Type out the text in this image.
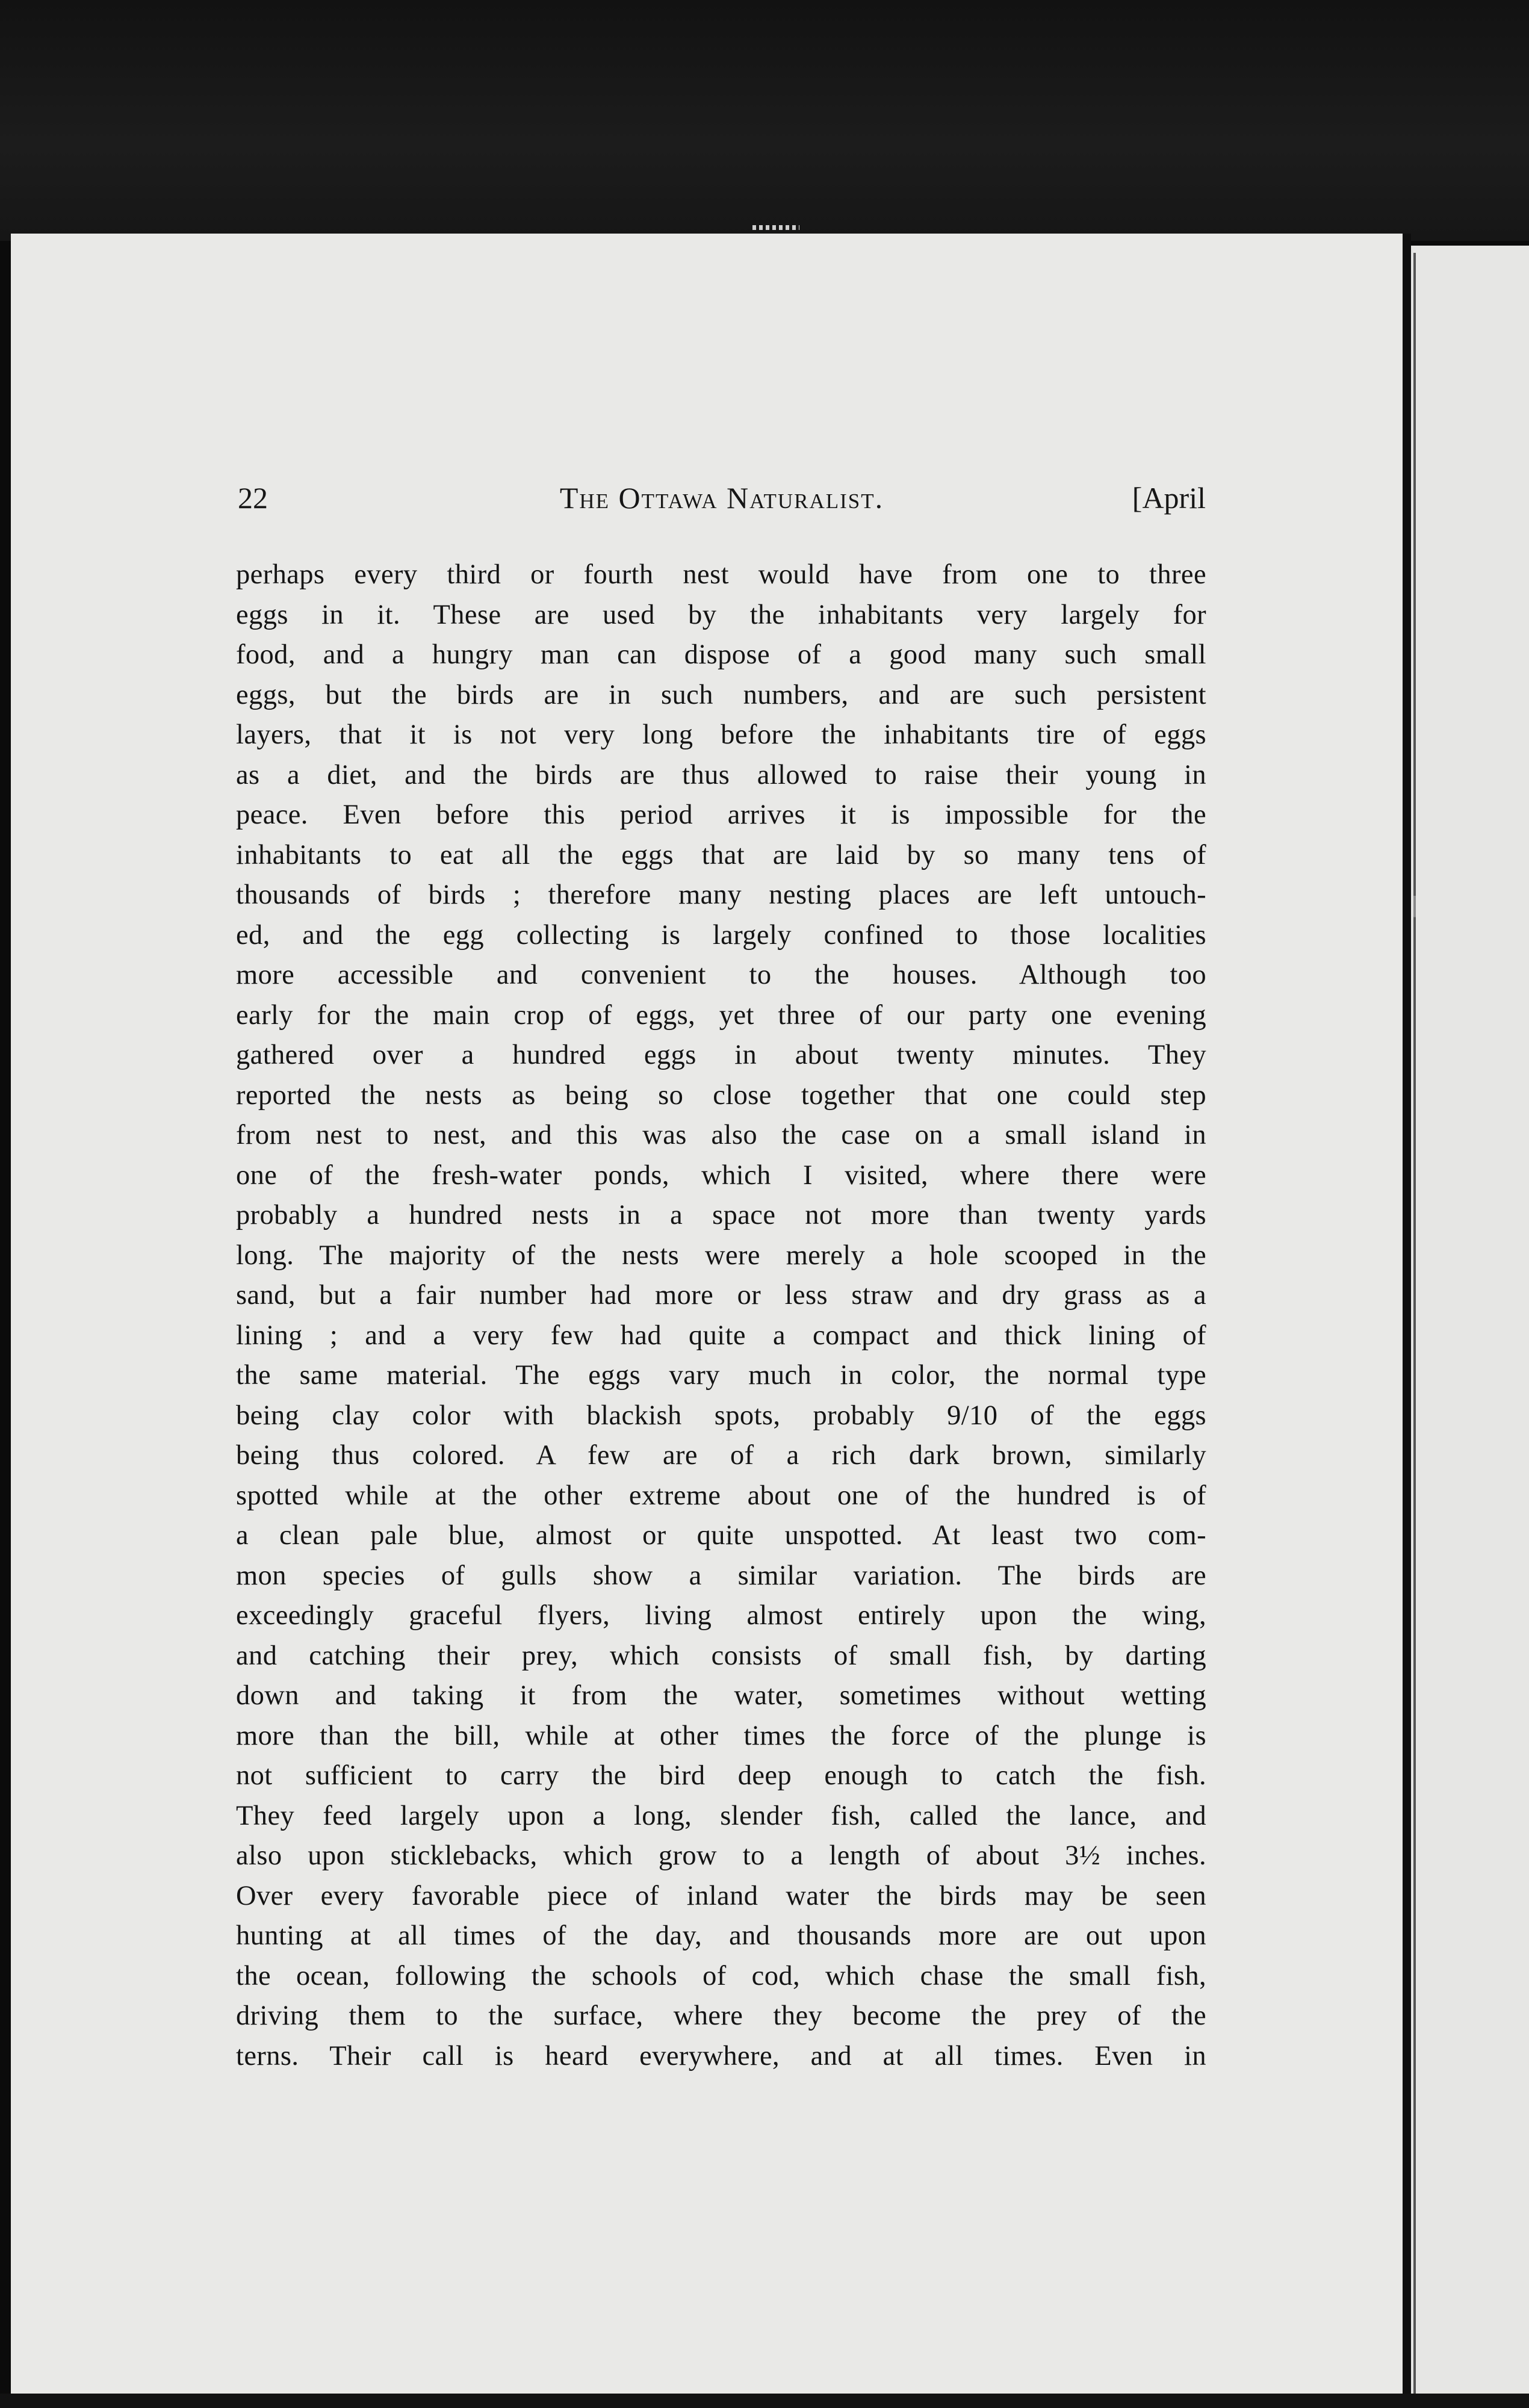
22	The Ottawa Naturalist.	[April
perhaps every third or fourth nest would have from one to three
eggs in it. These are used by the inhabitants very largely for
food, and a hungry man can dispose of a good many such small
eggs, but the birds are in such numbers, and are such persistent
layers, that it is not very long before the inhabitants tire of eggs
as a diet, and the birds are thus allowed to raise their young in
peace. Even before this period arrives it is impossible for the
inhabitants to eat all the eggs that are laid by so many tens of
thousands of birds ; therefore many nesting places are left untouch-
ed, and the egg collecting is largely confined to those localities
more accessible and convenient to the houses. Although too
early for the main crop of eggs, yet three of our party one evening
gathered over a hundred eggs in about twenty minutes. They
reported the nests as being so close together that one could step
from nest to nest, and this was also the case on a small island in
one of the fresh-water ponds, which I visited, where there were
probably a hundred nests in a space not more than twenty yards
long. The majority of the nests were merely a hole scooped in the
sand, but a fair number had more or less straw and dry grass as a
lining ; and a very few had quite a compact and thick lining of
the same material. The eggs vary much in color, the normal type
being clay color with blackish spots, probably 9/10 of the eggs
being thus colored. A few are of a rich dark brown, similarly
spotted while at the other extreme about one of the hundred is of
a clean pale blue, almost or quite unspotted. At least two com-
mon species of gulls show a similar variation. The birds are
exceedingly graceful flyers, living almost entirely upon the wing,
and catching their prey, which consists of small fish, by darting
down and taking it from the water, sometimes without wetting
more than the bill, while at other times the force of the plunge is
not sufficient to carry the bird deep enough to catch the fish.
They feed largely upon a long, slender fish, called the lance, and
also upon sticklebacks, which grow to a length of about 3½ inches.
Over every favorable piece of inland water the birds may be seen
hunting at all times of the day, and thousands more are out upon
the ocean, following the schools of cod, which chase the small fish,
driving them to the surface, where they become the prey of the
terns. Their call is heard everywhere, and at all times. Even in
